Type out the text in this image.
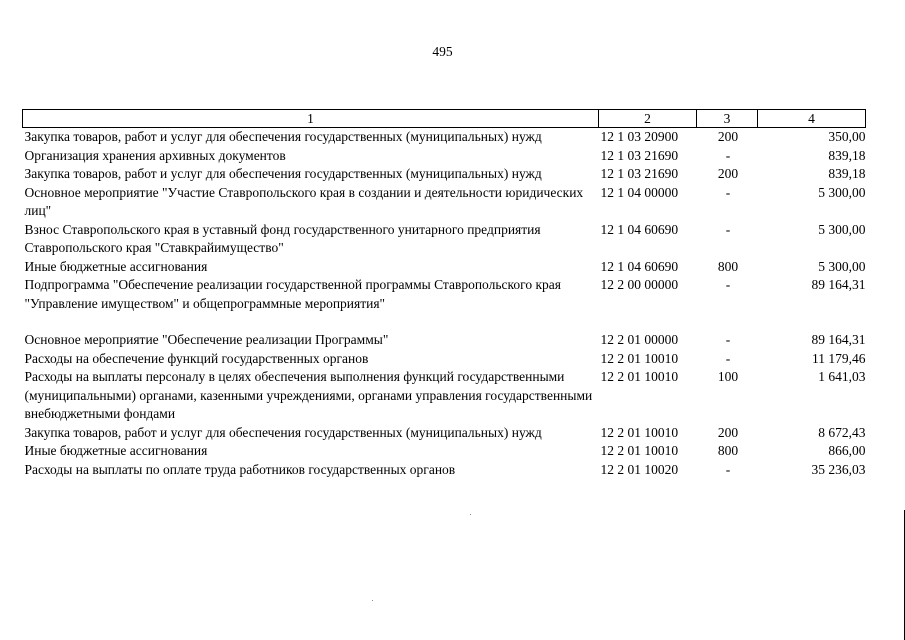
495
1	2	3	4
Закупка товаров, работ и услуг для обеспечения государственных (муниципальных) нужд	12 1 03 20900	200	350,00
Организация хранения архивных документов	12 1 03 21690	-	839,18
Закупка товаров, работ и услуг для обеспечения государственных (муниципальных) нужд	12 1 03 21690	200	839,18
Основное мероприятие "Участие Ставропольского края в создании и деятельности юридических лиц"	12 1 04 00000	-	5 300,00
Взнос Ставропольского края в уставный фонд государственного унитарного предприятия Ставропольского края "Ставкрайимущество"	12 1 04 60690	-	5 300,00
Иные бюджетные ассигнования	12 1 04 60690	800	5 300,00
Подпрограмма "Обеспечение реализации государственной программы Ставропольского края "Управление имуществом" и общепрограммные мероприятия"	12 2 00 00000	-	89 164,31

Основное мероприятие "Обеспечение реализации Программы"	12 2 01 00000	-	89 164,31
Расходы на обеспечение функций государственных органов	12 2 01 10010	-	11 179,46
Расходы на выплаты персоналу в целях обеспечения выполнения функций государственными (муниципальными) органами, казенными учреждениями, органами управления государственными внебюджетными фондами	12 2 01 10010	100	1 641,03
Закупка товаров, работ и услуг для обеспечения государственных (муниципальных) нужд	12 2 01 10010	200	8 672,43
Иные бюджетные ассигнования	12 2 01 10010	800	866,00
Расходы на выплаты по оплате труда работников государственных органов	12 2 01 10020	-	35 236,03
